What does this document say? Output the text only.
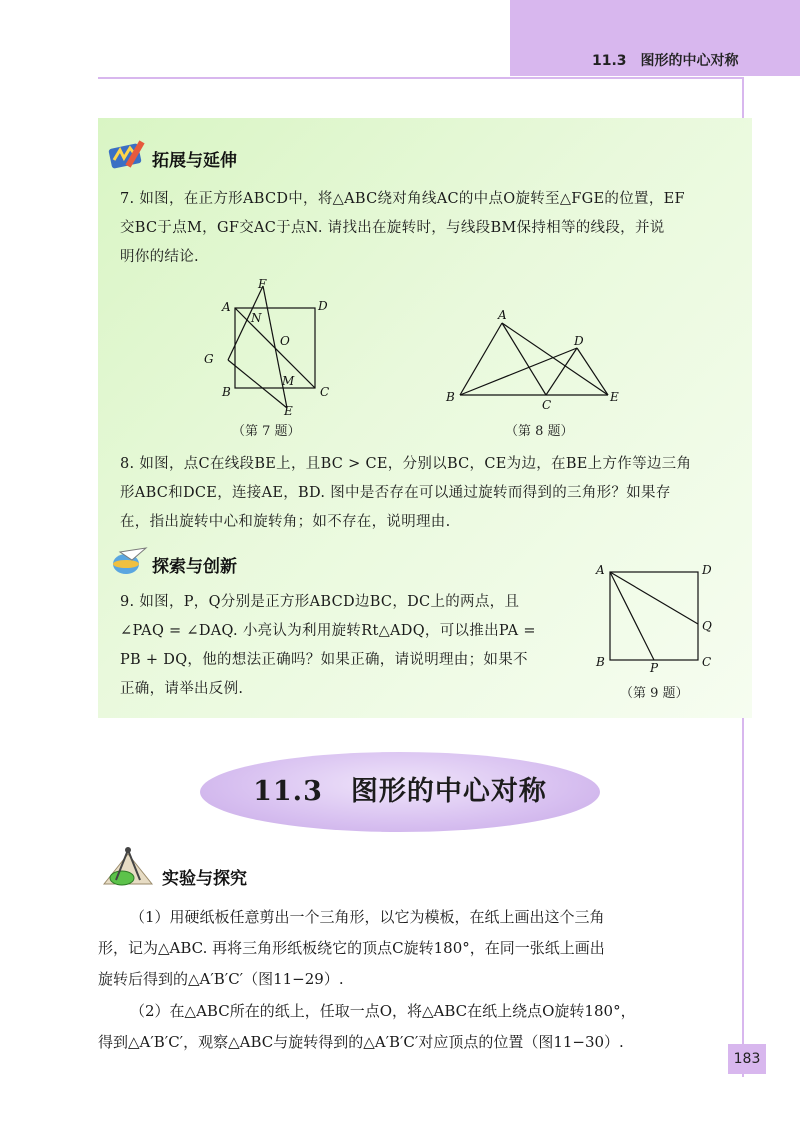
11.3　图形的中心对称
拓展与延伸
7. 如图，在正方形ABCD中，将△ABC绕对角线AC的中点O旋转至△FGE的位置，EF
交BC于点M，GF交AC于点N. 请找出在旋转时，与线段BM保持相等的线段，并说
明你的结论.
A
F
D
N
O
G
B
M
C
E
（第 7 题）
A
D
B
C
E
（第 8 题）
8. 如图，点C在线段BE上，且BC > CE，分别以BC，CE为边，在BE上方作等边三角
形ABC和DCE，连接AE，BD. 图中是否存在可以通过旋转而得到的三角形？如果存
在，指出旋转中心和旋转角；如不存在，说明理由.
探索与创新
9. 如图，P，Q分别是正方形ABCD边BC，DC上的两点，且
∠PAQ = ∠DAQ. 小亮认为利用旋转Rt△ADQ，可以推出PA =
PB + DQ，他的想法正确吗？如果正确，请说明理由；如果不
正确，请举出反例.
A	D
Q
B	P	C
（第 9 题）
11.3　图形的中心对称
实验与探究
（1）用硬纸板任意剪出一个三角形，以它为模板，在纸上画出这个三角
形，记为△ABC. 再将三角形纸板绕它的顶点C旋转180°，在同一张纸上画出
旋转后得到的△A′B′C′（图11−29）.
（2）在△ABC所在的纸上，任取一点O，将△ABC在纸上绕点O旋转180°，
得到△A′B′C′，观察△ABC与旋转得到的△A′B′C′对应顶点的位置（图11−30）.
183
